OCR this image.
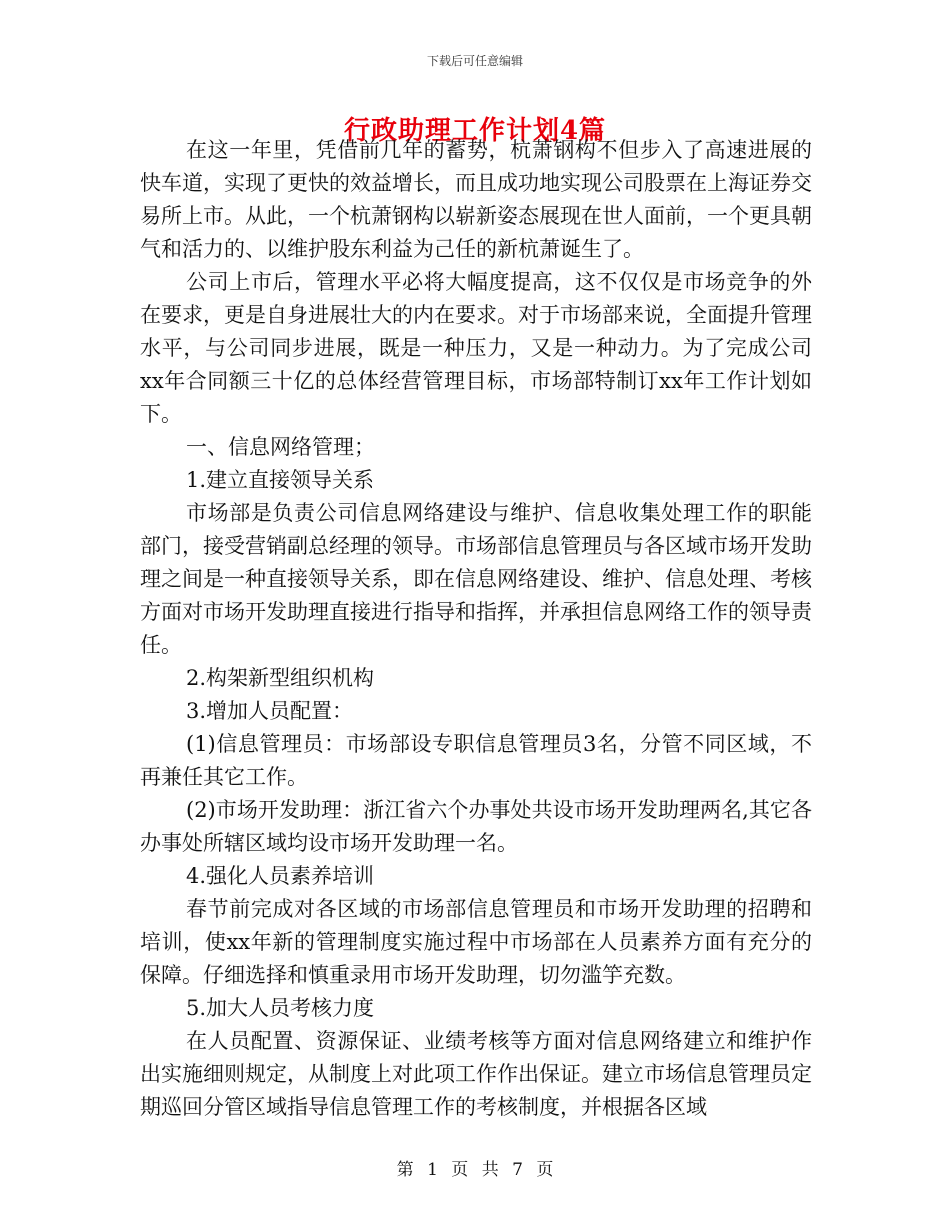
下载后可任意编辑
行政助理工作计划4篇

在这一年里，凭借前几年的蓄势，杭萧钢构不但步入了高速进展的快车道，实现了更快的效益增长，而且成功地实现公司股票在上海证券交易所上市。从此，一个杭萧钢构以崭新姿态展现在世人面前，一个更具朝气和活力的、以维护股东利益为己任的新杭萧诞生了。

公司上市后，管理水平必将大幅度提高，这不仅仅是市场竞争的外在要求，更是自身进展壮大的内在要求。对于市场部来说，全面提升管理水平，与公司同步进展，既是一种压力，又是一种动力。为了完成公司xx年合同额三十亿的总体经营管理目标，市场部特制订xx年工作计划如下。

一、信息网络管理；

1.建立直接领导关系

市场部是负责公司信息网络建设与维护、信息收集处理工作的职能部门，接受营销副总经理的领导。市场部信息管理员与各区域市场开发助理之间是一种直接领导关系，即在信息网络建设、维护、信息处理、考核方面对市场开发助理直接进行指导和指挥，并承担信息网络工作的领导责任。

2.构架新型组织机构

3.增加人员配置：

(1)信息管理员：市场部设专职信息管理员3名，分管不同区域，不再兼任其它工作。

(2)市场开发助理：浙江省六个办事处共设市场开发助理两名,其它各办事处所辖区域均设市场开发助理一名。

4.强化人员素养培训

春节前完成对各区域的市场部信息管理员和市场开发助理的招聘和培训，使xx年新的管理制度实施过程中市场部在人员素养方面有充分的保障。仔细选择和慎重录用市场开发助理，切勿滥竽充数。

5.加大人员考核力度

在人员配置、资源保证、业绩考核等方面对信息网络建立和维护作出实施细则规定，从制度上对此项工作作出保证。建立市场信息管理员定期巡回分管区域指导信息管理工作的考核制度，并根据各区域

第 1 页 共 7 页
